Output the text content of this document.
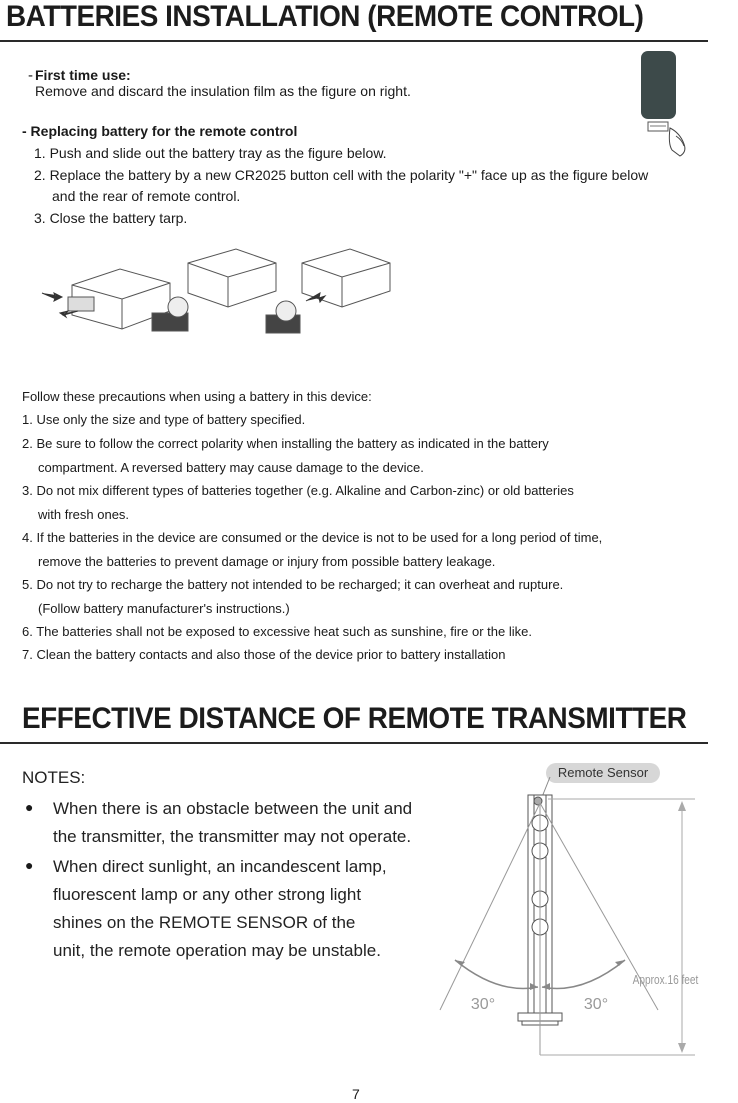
BATTERIES INSTALLATION (REMOTE CONTROL)
- First time use:
Remove and discard the insulation film as the figure on right.
- Replacing battery for the remote control
1. Push and slide out the battery tray as the figure below.
2. Replace the battery by a new CR2025 button cell with the polarity "+" face up as the figure below
and the rear of remote control.
3. Close the battery tarp.
Follow these precautions when using a battery in this device:
1. Use only the size and type of battery specified.
2. Be sure to follow the correct polarity when installing the battery as indicated in the battery
compartment. A reversed battery may cause damage to the device.
3. Do not mix different types of batteries together (e.g. Alkaline and Carbon-zinc) or old batteries
with fresh ones.
4. If the batteries in the device are consumed or the device is not to be used for a long period of time,
remove the batteries to prevent damage or injury from possible battery leakage.
5. Do not try to recharge the battery not intended to be recharged; it can overheat and rupture.
(Follow battery manufacturer's instructions.)
6. The batteries shall not be exposed to excessive heat such as sunshine, fire or the like.
7. Clean the battery contacts and also those of the device prior to battery installation
EFFECTIVE DISTANCE OF REMOTE TRANSMITTER
NOTES:
● When there is an obstacle between the unit and
the transmitter, the transmitter may not operate.
● When direct sunlight, an incandescent lamp,
fluorescent lamp or any other strong light
shines on the REMOTE SENSOR of the
unit, the remote operation may be unstable.
Remote Sensor
30°	30°
Approx.16 feet
7
